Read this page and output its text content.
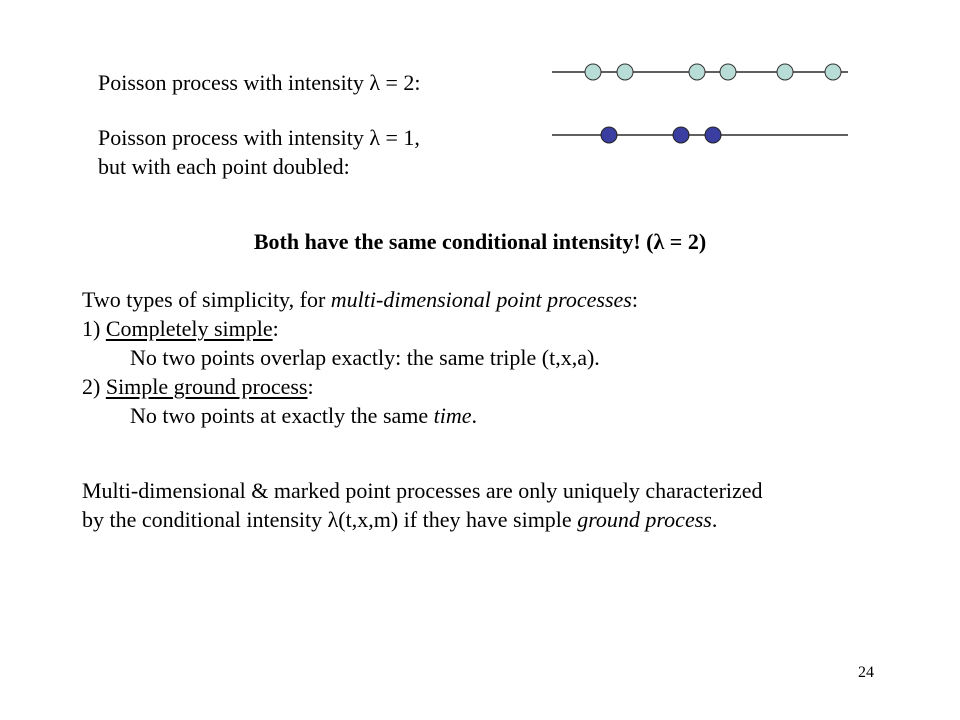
Poisson process with intensity λ = 2:
Poisson process with intensity λ = 1,
but with each point doubled:
Both have the same conditional intensity! (λ = 2)
Two types of simplicity, for multi-dimensional point processes:
1) Completely simple:
No two points overlap exactly: the same triple (t,x,a).
2) Simple ground process:
No two points at exactly the same time.
Multi-dimensional & marked point processes are only uniquely characterized
by the conditional intensity λ(t,x,m) if they have simple ground process.
24
